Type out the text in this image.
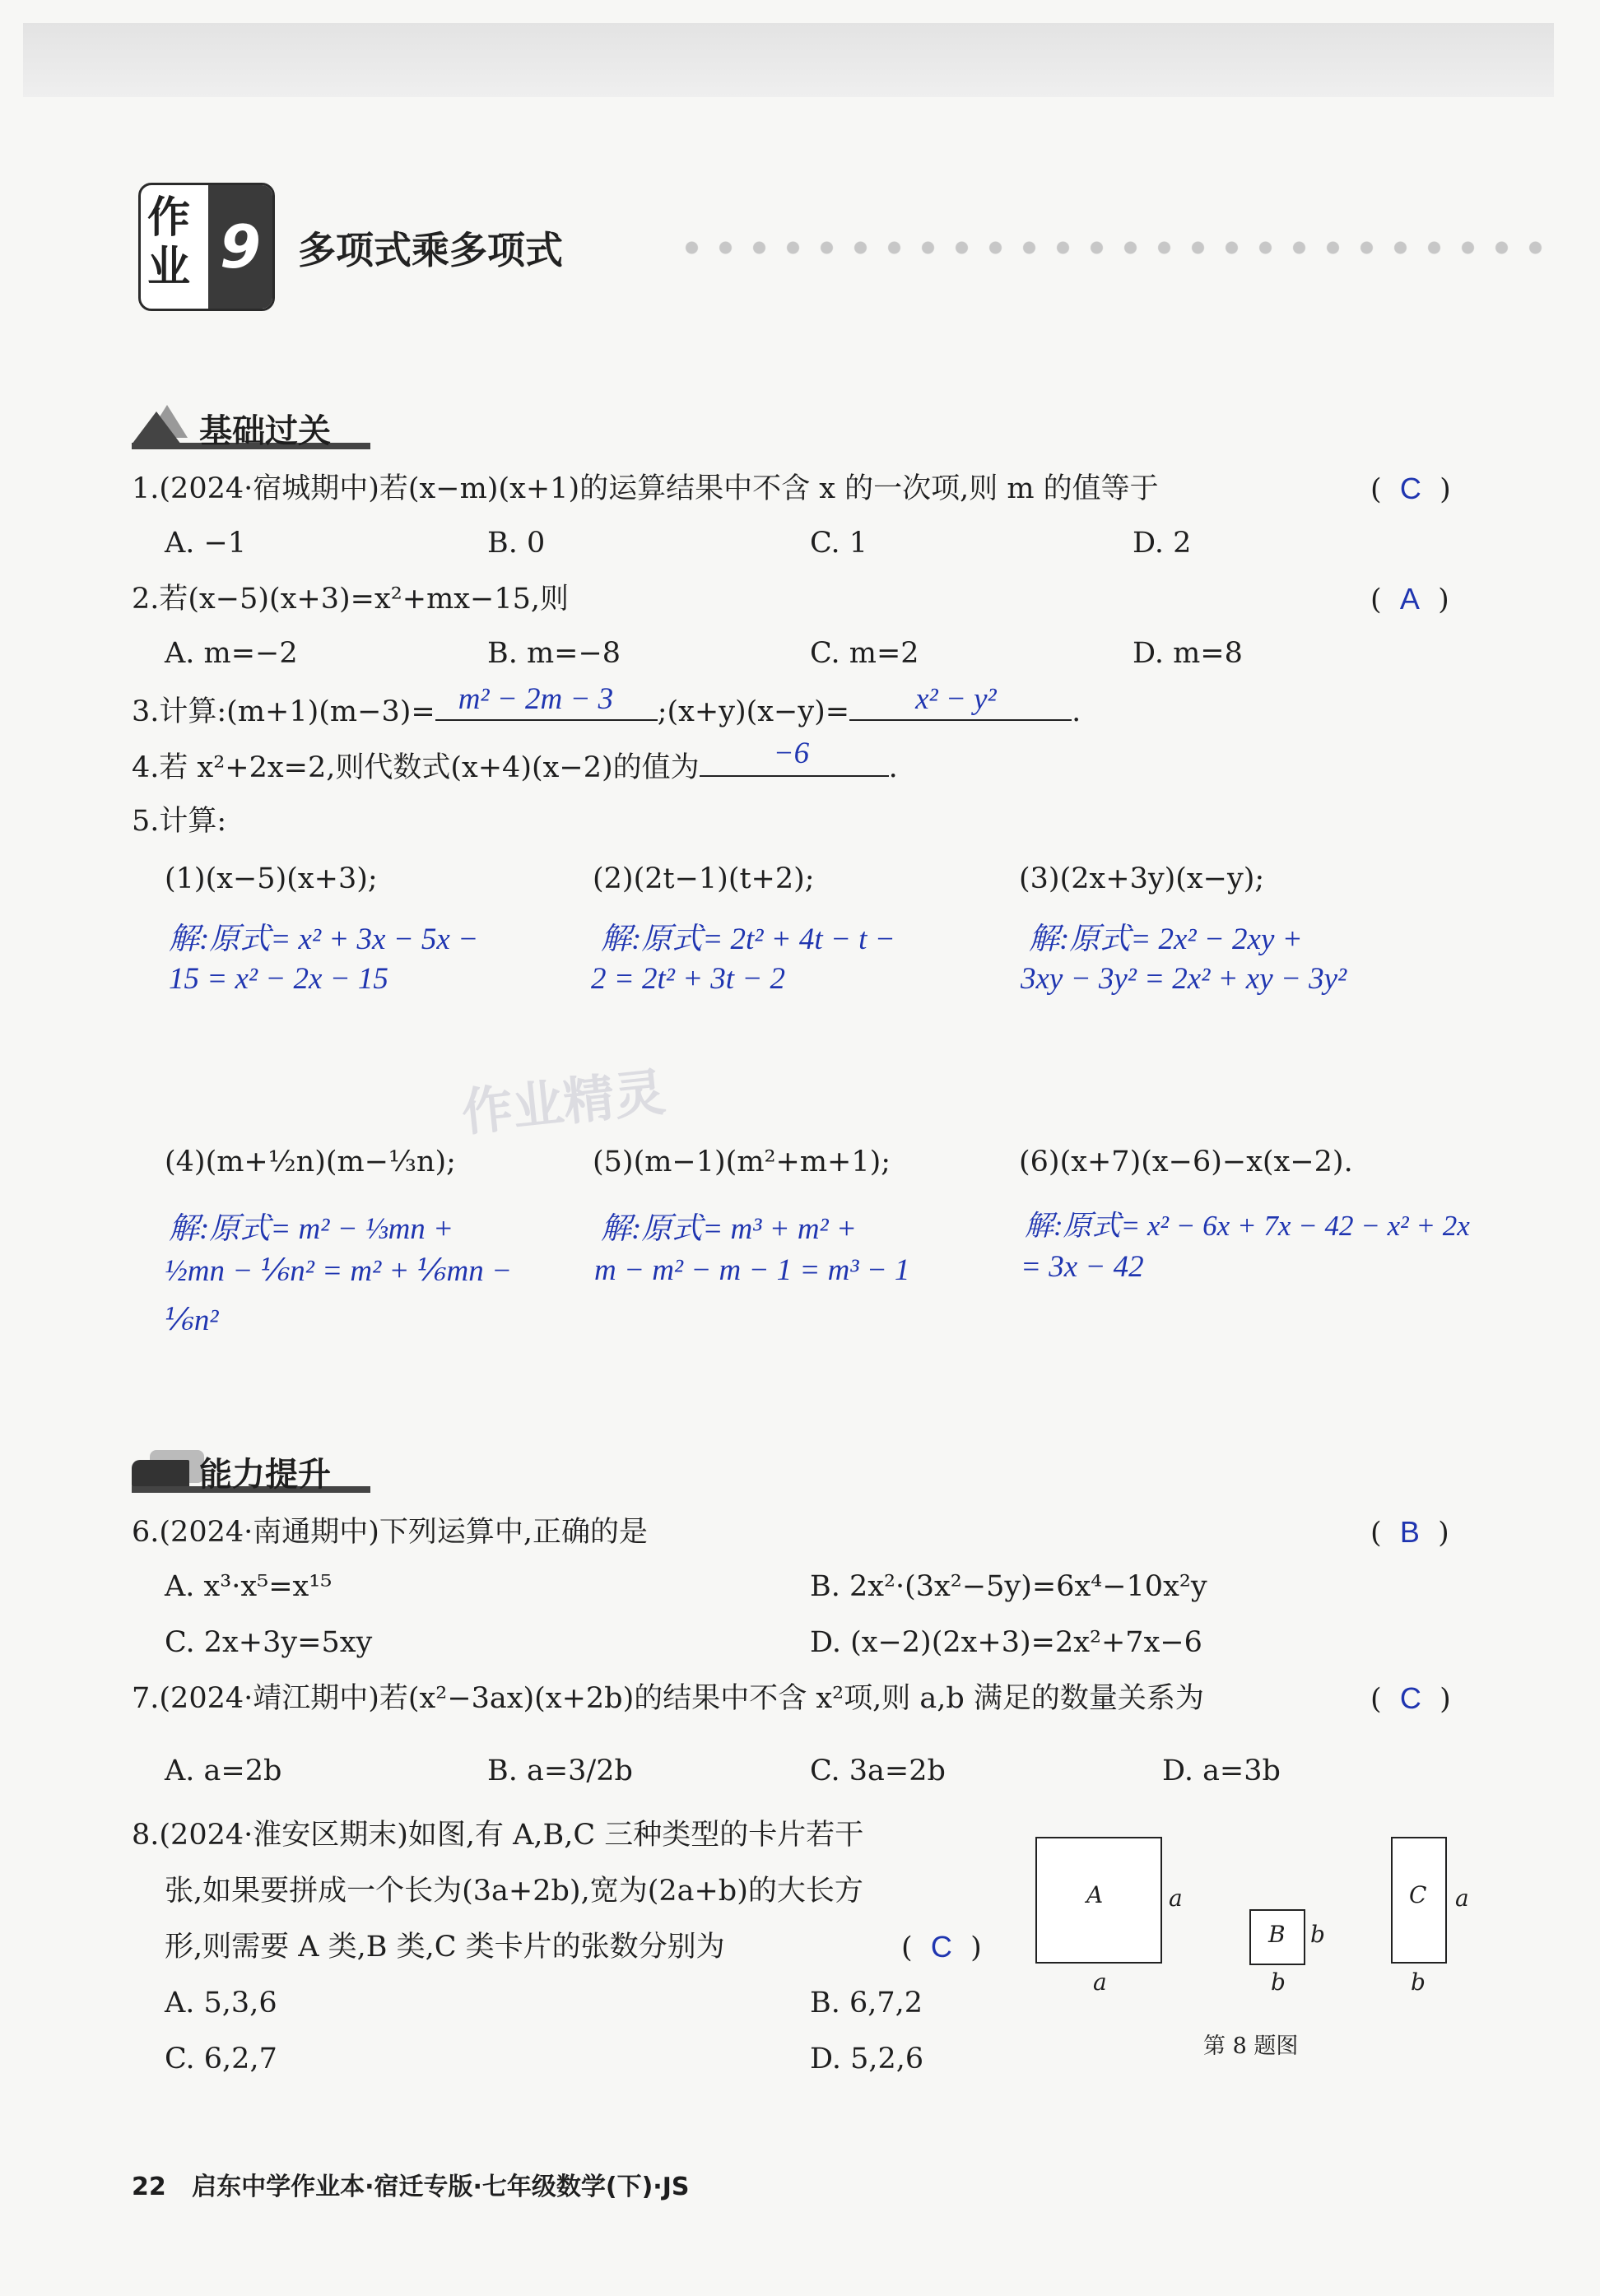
作
业 9 多项式乘多项式
作业精灵
基础过关
1.(2024·宿城期中)若(x−m)(x+1)的运算结果中不含 x 的一次项,则 m 的值等于	(  C  )
A. −1	B. 0	C. 1	D. 2
2.若(x−5)(x+3)=x²+mx−15,则	(  A  )
A. m=−2	B. m=−8	C. m=2	D. m=8
3.计算:(m+1)(m−3)= m² − 2m − 3 ;(x+y)(x−y)= x² − y²	.
4.若 x²+2x=2,则代数式(x+4)(x−2)的值为 −6	.
5.计算:
(1)(x−5)(x+3);	(2)(2t−1)(t+2);	(3)(2x+3y)(x−y);
解:原式= x² + 3x − 5x −
15 = x² − 2x − 15
解:原式= 2t² + 4t − t −
2 = 2t² + 3t − 2
解:原式= 2x² − 2xy +
3xy − 3y² = 2x² + xy − 3y²
(4)(m+½n)(m−⅓n);	(5)(m−1)(m²+m+1);	(6)(x+7)(x−6)−x(x−2).
解:原式= m² − ⅓mn +
½mn − ⅙n² = m² + ⅙mn −
⅙n²
解:原式= m³ + m² +
m − m² − m − 1 = m³ − 1
解:原式= x² − 6x + 7x − 42 − x² + 2x
= 3x − 42
能力提升
6.(2024·南通期中)下列运算中,正确的是	(  B  )
A. x³·x⁵=x¹⁵	B. 2x²·(3x²−5y)=6x⁴−10x²y
C. 2x+3y=5xy	D. (x−2)(2x+3)=2x²+7x−6
7.(2024·靖江期中)若(x²−3ax)(x+2b)的结果中不含 x²项,则 a,b 满足的数量关系为	(  C  )
A. a=2b	B. a=3/2b	C. 3a=2b	D. a=3b
8.(2024·淮安区期末)如图,有 A,B,C 三种类型的卡片若干
张,如果要拼成一个长为(3a+2b),宽为(2a+b)的大长方
形,则需要 A 类,B 类,C 类卡片的张数分别为	(  C  )
A. 5,3,6	B. 6,7,2
C. 6,2,7	D. 5,2,6
A	a
a
B b
b
C a
b
第 8 题图
22 启东中学作业本·宿迁专版·七年级数学(下)·JS
